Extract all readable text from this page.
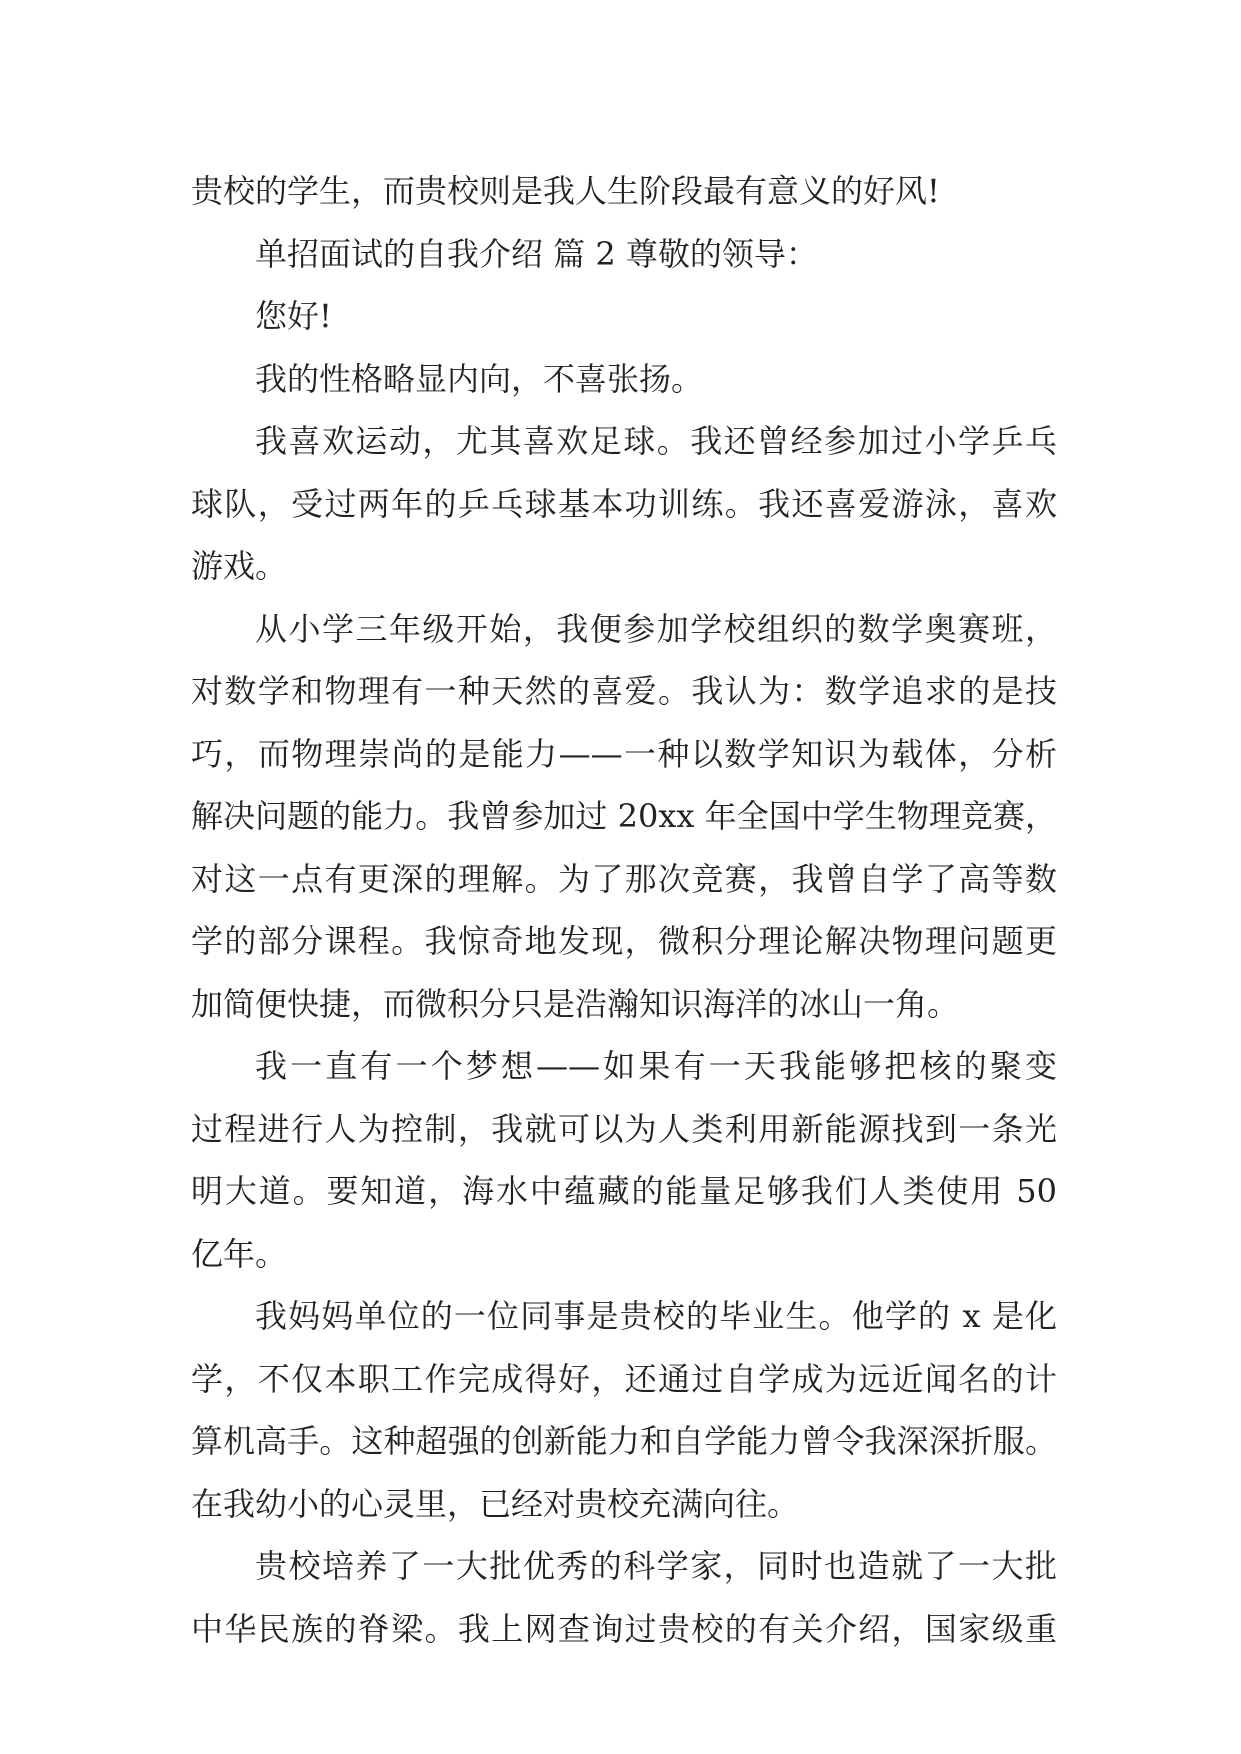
贵校的学生，而贵校则是我人生阶段最有意义的好风!
单招面试的自我介绍 篇 2 尊敬的领导：
您好!
我的性格略显内向，不喜张扬。
我喜欢运动，尤其喜欢足球。我还曾经参加过小学乒乓
球队，受过两年的乒乓球基本功训练。我还喜爱游泳，喜欢
游戏。
从小学三年级开始，我便参加学校组织的数学奥赛班，
对数学和物理有一种天然的喜爱。我认为：数学追求的是技
巧，而物理崇尚的是能力——一种以数学知识为载体，分析
解决问题的能力。我曾参加过 20xx 年全国中学生物理竞赛，
对这一点有更深的理解。为了那次竞赛，我曾自学了高等数
学的部分课程。我惊奇地发现，微积分理论解决物理问题更
加简便快捷，而微积分只是浩瀚知识海洋的冰山一角。
我一直有一个梦想——如果有一天我能够把核的聚变
过程进行人为控制，我就可以为人类利用新能源找到一条光
明大道。要知道，海水中蕴藏的能量足够我们人类使用 50
亿年。
我妈妈单位的一位同事是贵校的毕业生。他学的 x 是化
学，不仅本职工作完成得好，还通过自学成为远近闻名的计
算机高手。这种超强的创新能力和自学能力曾令我深深折服。
在我幼小的心灵里，已经对贵校充满向往。
贵校培养了一大批优秀的科学家，同时也造就了一大批
中华民族的脊梁。我上网查询过贵校的有关介绍，国家级重
